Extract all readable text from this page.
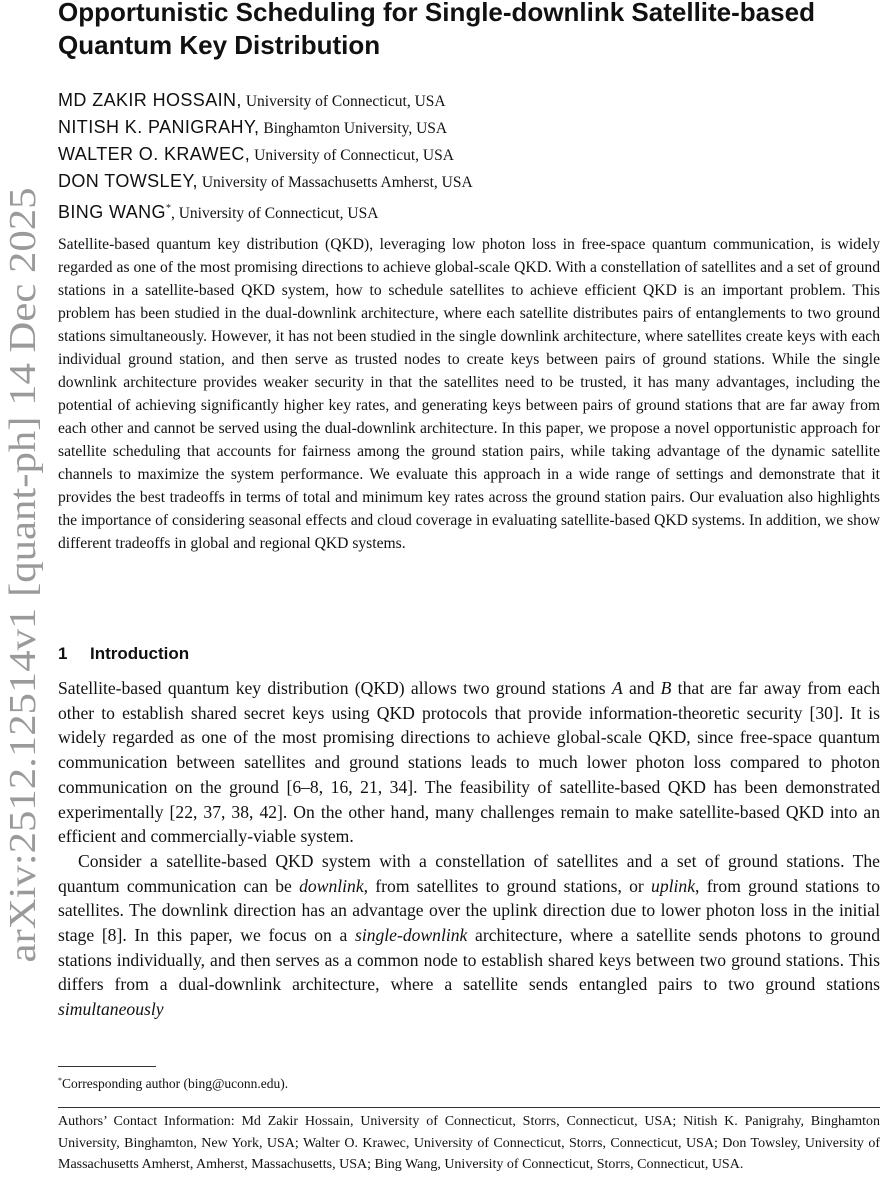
arXiv:2512.12514v1 [quant-ph] 14 Dec 2025
Opportunistic Scheduling for Single-downlink Satellite-based
Quantum Key Distribution
MD ZAKIR HOSSAIN, University of Connecticut, USA
NITISH K. PANIGRAHY, Binghamton University, USA
WALTER O. KRAWEC, University of Connecticut, USA
DON TOWSLEY, University of Massachusetts Amherst, USA
BING WANG*, University of Connecticut, USA

Satellite-based quantum key distribution (QKD), leveraging low photon loss in free-space quantum communication, is widely regarded as one of the most promising directions to achieve global-scale QKD. With a constellation of satellites and a set of ground stations in a satellite-based QKD system, how to schedule satellites to achieve efficient QKD is an important problem. This problem has been studied in the dual-downlink architecture, where each satellite distributes pairs of entanglements to two ground stations simultaneously. However, it has not been studied in the single downlink architecture, where satellites create keys with each individual ground station, and then serve as trusted nodes to create keys between pairs of ground stations. While the single downlink architecture provides weaker security in that the satellites need to be trusted, it has many advantages, including the potential of achieving significantly higher key rates, and generating keys between pairs of ground stations that are far away from each other and cannot be served using the dual-downlink architecture. In this paper, we propose a novel opportunistic approach for satellite scheduling that accounts for fairness among the ground station pairs, while taking advantage of the dynamic satellite channels to maximize the system performance. We evaluate this approach in a wide range of settings and demonstrate that it provides the best tradeoffs in terms of total and minimum key rates across the ground station pairs. Our evaluation also highlights the importance of considering seasonal effects and cloud coverage in evaluating satellite-based QKD systems. In addition, we show different tradeoffs in global and regional QKD systems.

1 Introduction

Satellite-based quantum key distribution (QKD) allows two ground stations A and B that are far away from each other to establish shared secret keys using QKD protocols that provide information-theoretic security [30]. It is widely regarded as one of the most promising directions to achieve global-scale QKD, since free-space quantum communication between satellites and ground stations leads to much lower photon loss compared to photon communication on the ground [6–8, 16, 21, 34]. The feasibility of satellite-based QKD has been demonstrated experimentally [22, 37, 38, 42]. On the other hand, many challenges remain to make satellite-based QKD into an efficient and commercially-viable system.

Consider a satellite-based QKD system with a constellation of satellites and a set of ground stations. The quantum communication can be downlink, from satellites to ground stations, or uplink, from ground stations to satellites. The downlink direction has an advantage over the uplink direction due to lower photon loss in the initial stage [8]. In this paper, we focus on a single-downlink architecture, where a satellite sends photons to ground stations individually, and then serves as a common node to establish shared keys between two ground stations. This differs from a dual-downlink architecture, where a satellite sends entangled pairs to two ground stations simultaneously

*Corresponding author (bing@uconn.edu).

Authors’ Contact Information: Md Zakir Hossain, University of Connecticut, Storrs, Connecticut, USA; Nitish K. Panigrahy, Binghamton University, Binghamton, New York, USA; Walter O. Krawec, University of Connecticut, Storrs, Connecticut, USA; Don Towsley, University of Massachusetts Amherst, Amherst, Massachusetts, USA; Bing Wang, University of Connecticut, Storrs, Connecticut, USA.
